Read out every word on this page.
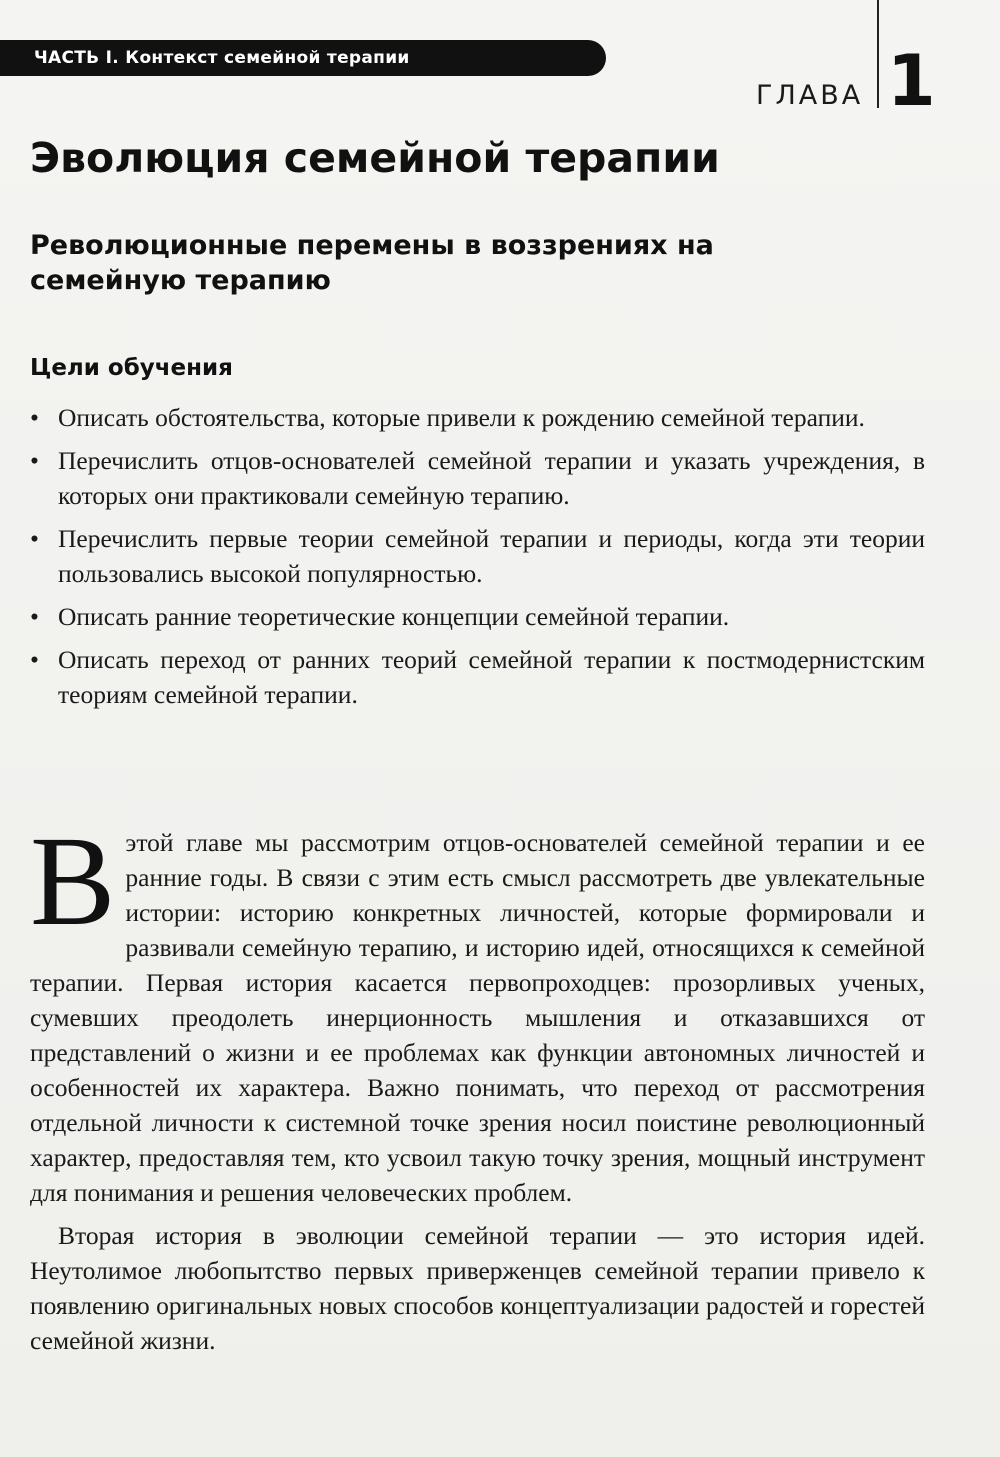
ЧАСТЬ I. Контекст семейной терапии
ГЛАВА 1
Эволюция семейной терапии
Революционные перемены в воззрениях на семейную терапию
Цели обучения
• Описать обстоятельства, которые привели к рождению семейной терапии.
• Перечислить отцов-основателей семейной терапии и указать учреждения, в которых они практиковали семейную терапию.
• Перечислить первые теории семейной терапии и периоды, когда эти теории пользовались высокой популярностью.
• Описать ранние теоретические концепции семейной терапии.
• Описать переход от ранних теорий семейной терапии к постмодернистским теориям семейной терапии.

Вэтой главе мы рассмотрим отцов-основателей семейной терапии и ее ранние годы. В связи с этим есть смысл рассмотреть две увлекательные истории: историю конкретных личностей, которые формировали и развивали семейную терапию, и историю идей, относящихся к семейной терапии. Первая история касается первопроходцев: прозорливых ученых, сумевших преодолеть инерционность мышления и отказавшихся от представлений о жизни и ее проблемах как функции автономных личностей и особенностей их характера. Важно понимать, что переход от рассмотрения отдельной личности к системной точке зрения носил поистине революционный характер, предоставляя тем, кто усвоил такую точку зрения, мощный инструмент для понимания и решения человеческих проблем.

Вторая история в эволюции семейной терапии — это история идей. Неутолимое любопытство первых приверженцев семейной терапии привело к появлению оригинальных новых способов концептуализации радостей и горестей семейной жизни.
